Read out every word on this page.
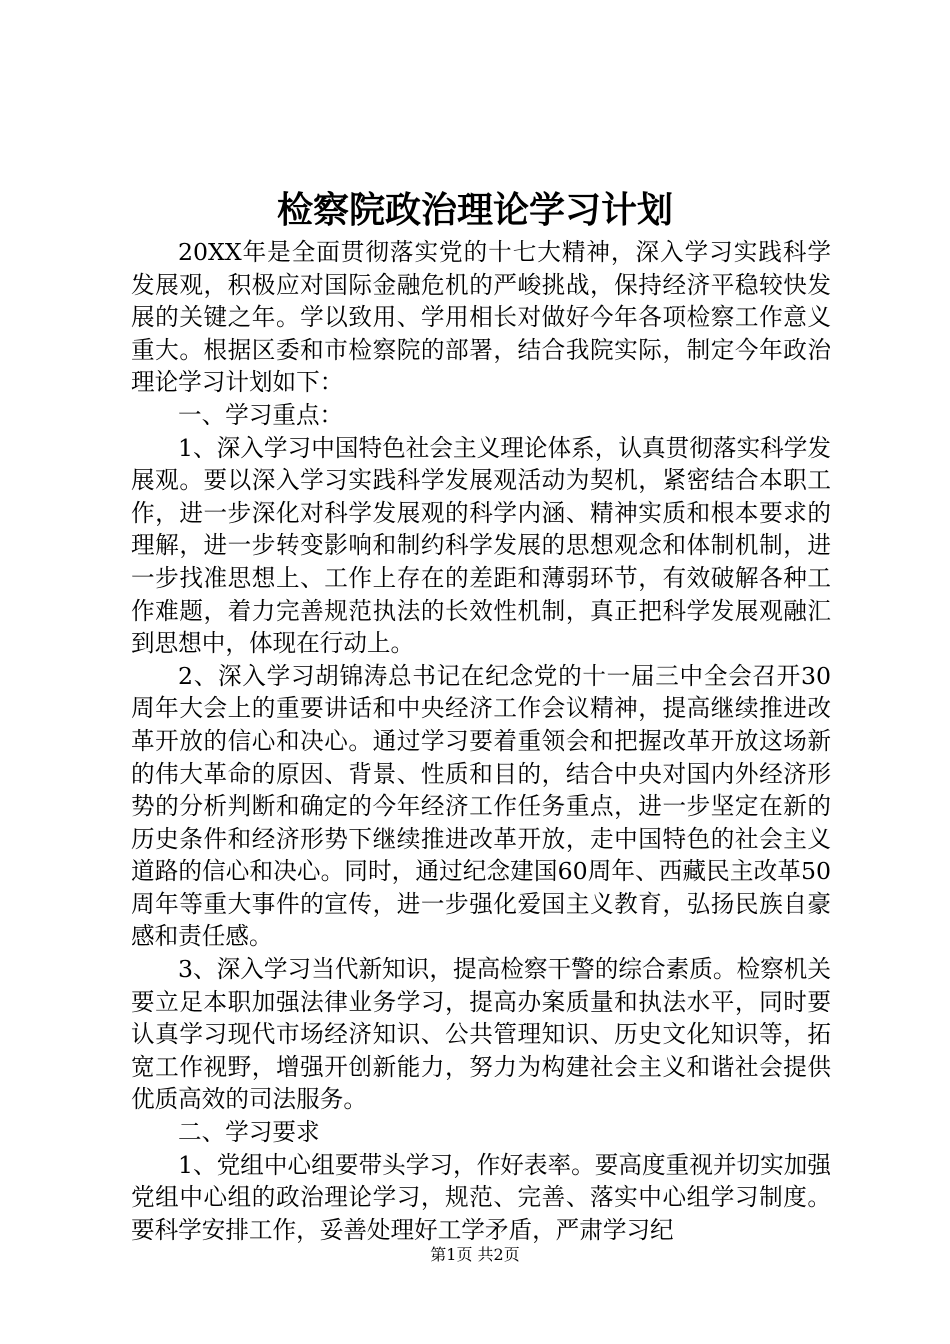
检察院政治理论学习计划

20XX年是全面贯彻落实党的十七大精神，深入学习实践科学发展观，积极应对国际金融危机的严峻挑战，保持经济平稳较快发展的关键之年。学以致用、学用相长对做好今年各项检察工作意义重大。根据区委和市检察院的部署，结合我院实际，制定今年政治理论学习计划如下：

一、学习重点：

1、深入学习中国特色社会主义理论体系，认真贯彻落实科学发展观。要以深入学习实践科学发展观活动为契机，紧密结合本职工作，进一步深化对科学发展观的科学内涵、精神实质和根本要求的理解，进一步转变影响和制约科学发展的思想观念和体制机制，进一步找准思想上、工作上存在的差距和薄弱环节，有效破解各种工作难题，着力完善规范执法的长效性机制，真正把科学发展观融汇到思想中，体现在行动上。

2、深入学习胡锦涛总书记在纪念党的十一届三中全会召开30周年大会上的重要讲话和中央经济工作会议精神，提高继续推进改革开放的信心和决心。通过学习要着重领会和把握改革开放这场新的伟大革命的原因、背景、性质和目的，结合中央对国内外经济形势的分析判断和确定的今年经济工作任务重点，进一步坚定在新的历史条件和经济形势下继续推进改革开放，走中国特色的社会主义道路的信心和决心。同时，通过纪念建国60周年、西藏民主改革50周年等重大事件的宣传，进一步强化爱国主义教育，弘扬民族自豪感和责任感。

3、深入学习当代新知识，提高检察干警的综合素质。检察机关要立足本职加强法律业务学习，提高办案质量和执法水平，同时要认真学习现代市场经济知识、公共管理知识、历史文化知识等，拓宽工作视野，增强开创新能力，努力为构建社会主义和谐社会提供优质高效的司法服务。

二、学习要求

1、党组中心组要带头学习，作好表率。要高度重视并切实加强党组中心组的政治理论学习，规范、完善、落实中心组学习制度。要科学安排工作，妥善处理好工学矛盾，严肃学习纪

第1页 共2页
